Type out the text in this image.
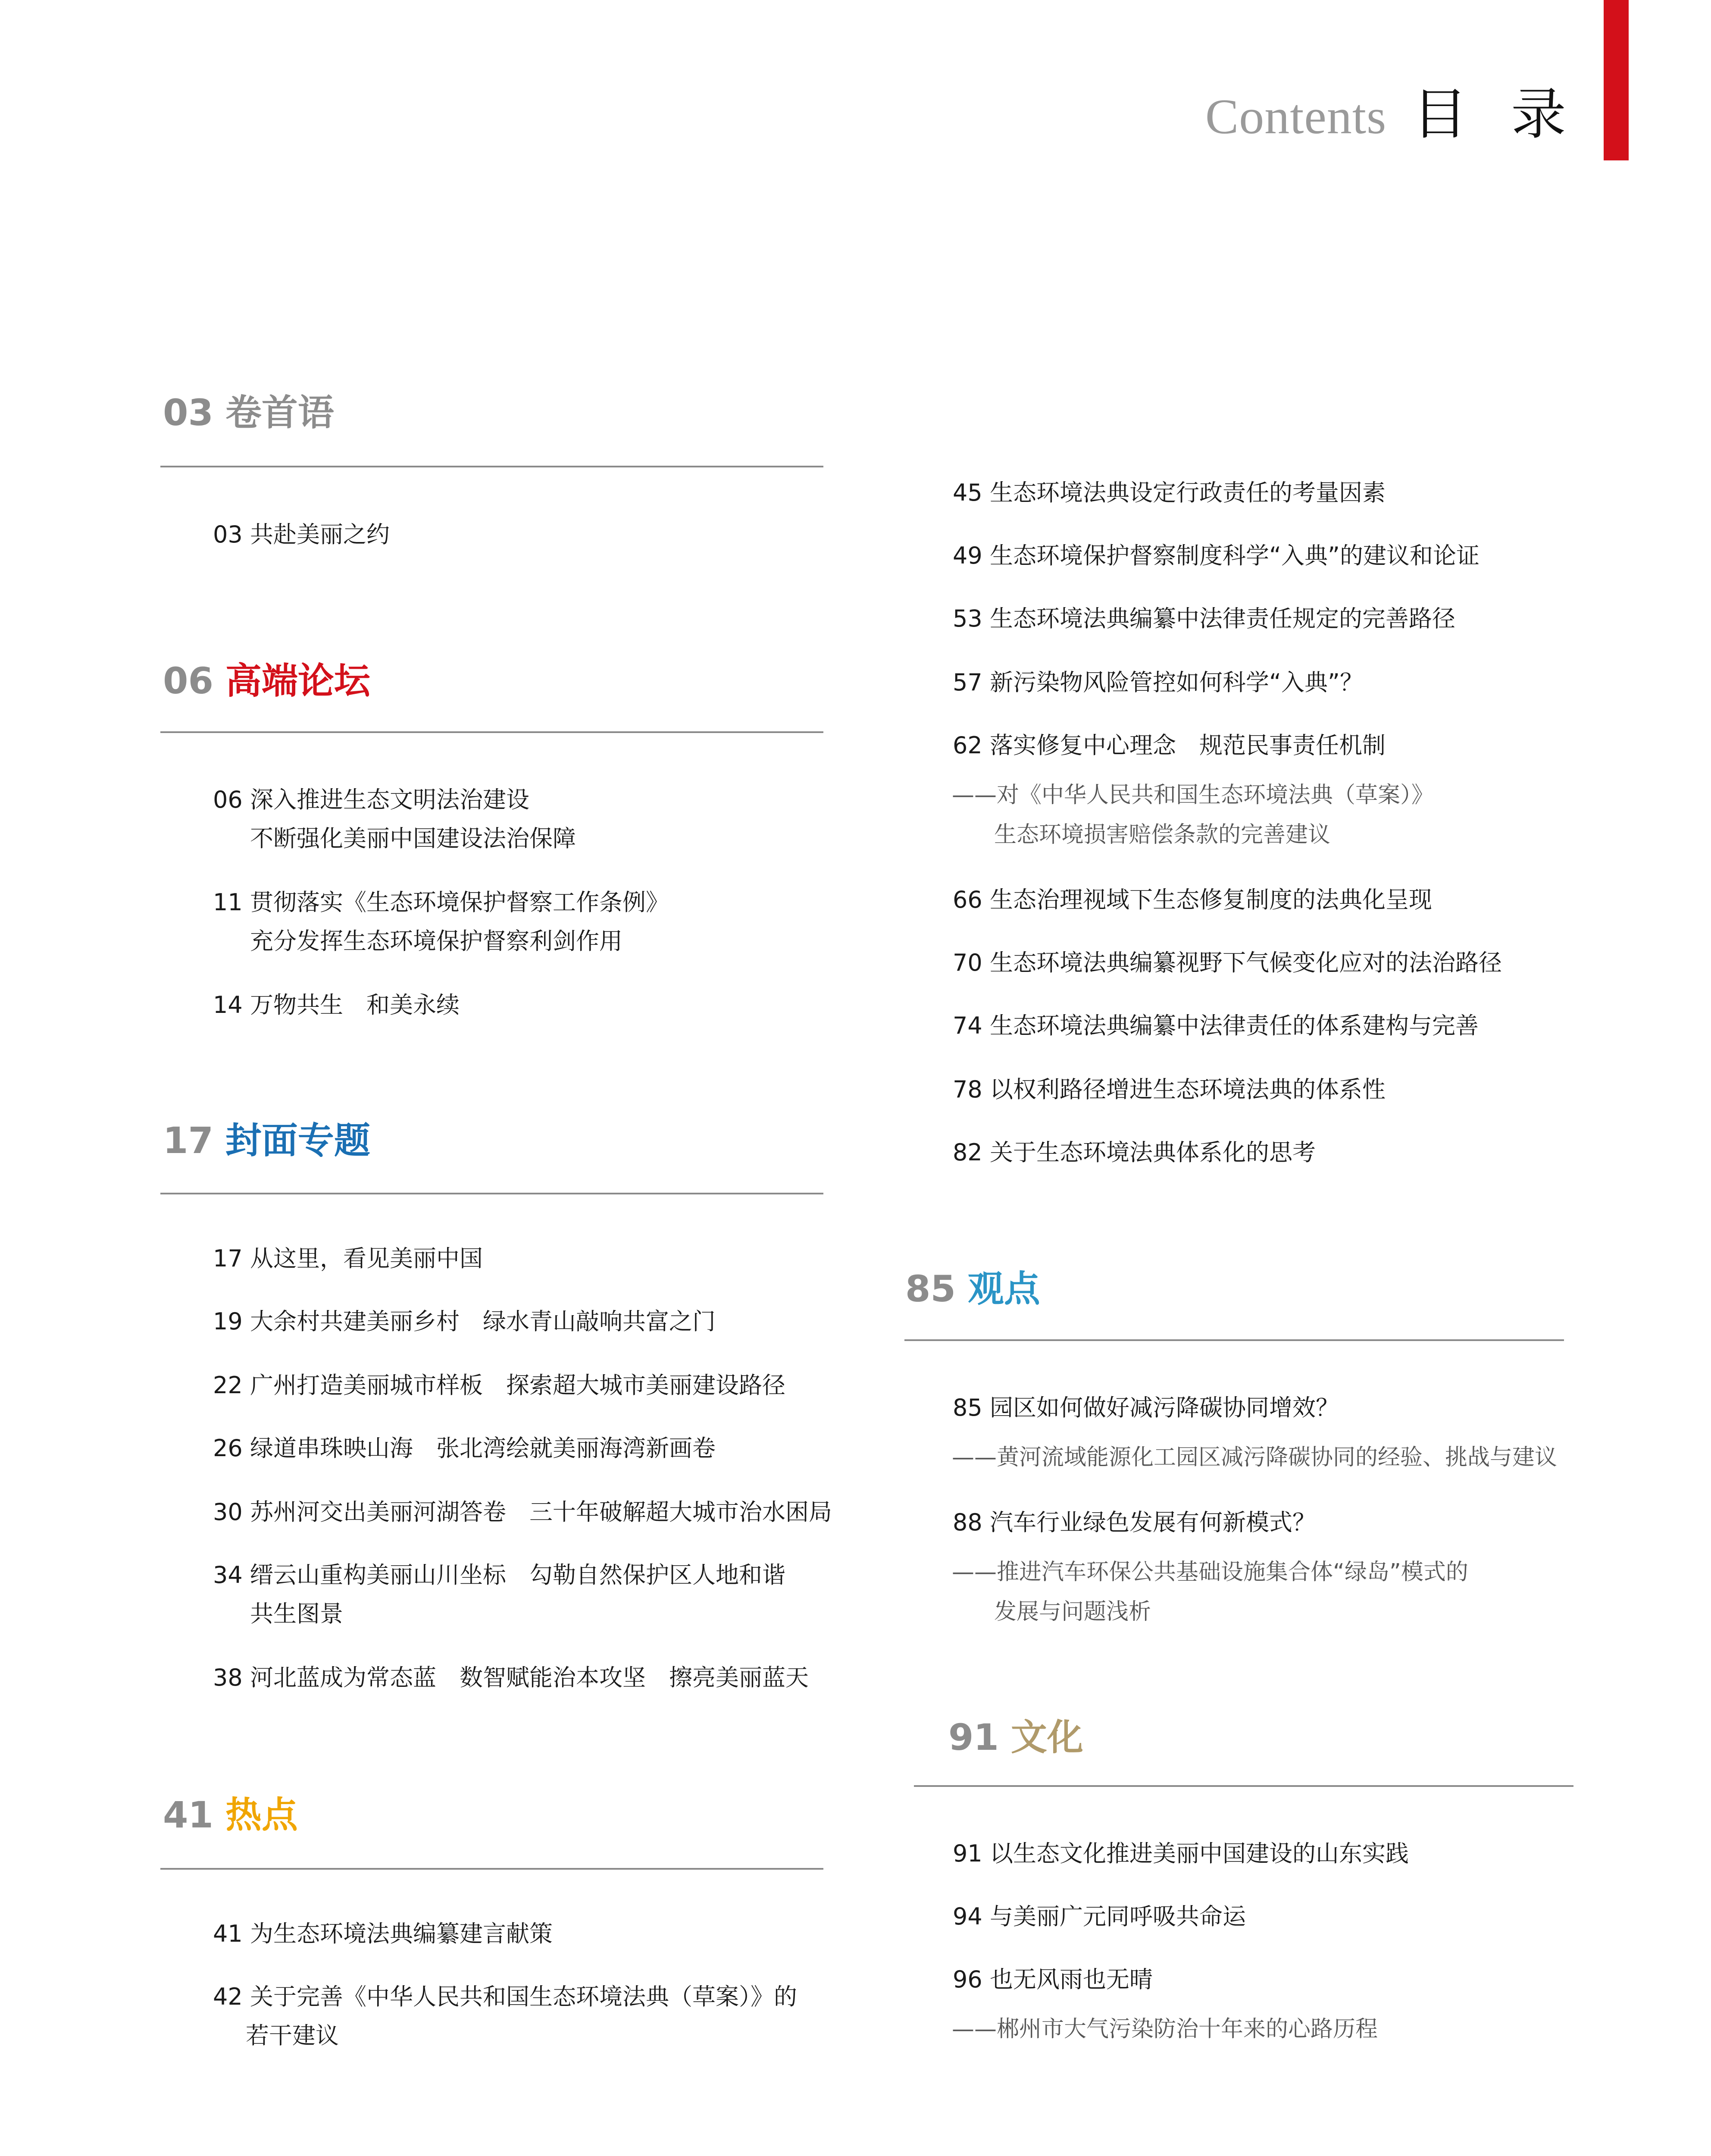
Contents 目 录
03 卷首语
03 共赴美丽之约
06 高端论坛
06 深入推进生态文明法治建设
不断强化美丽中国建设法治保障
11 贯彻落实《生态环境保护督察工作条例》
充分发挥生态环境保护督察利剑作用
14 万物共生　和美永续
17 封面专题
17 从这里，看见美丽中国
19 大余村共建美丽乡村　绿水青山敲响共富之门
22 广州打造美丽城市样板　探索超大城市美丽建设路径
26 绿道串珠映山海　张北湾绘就美丽海湾新画卷
30 苏州河交出美丽河湖答卷　三十年破解超大城市治水困局
34 缙云山重构美丽山川坐标　勾勒自然保护区人地和谐
共生图景
38 河北蓝成为常态蓝　数智赋能治本攻坚　擦亮美丽蓝天
41 热点
41 为生态环境法典编纂建言献策
42 关于完善《中华人民共和国生态环境法典（草案）》的
若干建议
45 生态环境法典设定行政责任的考量因素
49 生态环境保护督察制度科学“入典”的建议和论证
53 生态环境法典编纂中法律责任规定的完善路径
57 新污染物风险管控如何科学“入典”？
62 落实修复中心理念　规范民事责任机制
——对《中华人民共和国生态环境法典（草案）》
生态环境损害赔偿条款的完善建议
66 生态治理视域下生态修复制度的法典化呈现
70 生态环境法典编纂视野下气候变化应对的法治路径
74 生态环境法典编纂中法律责任的体系建构与完善
78 以权利路径增进生态环境法典的体系性
82 关于生态环境法典体系化的思考
85 观点
85 园区如何做好减污降碳协同增效？
——黄河流域能源化工园区减污降碳协同的经验、挑战与建议
88 汽车行业绿色发展有何新模式？
——推进汽车环保公共基础设施集合体“绿岛”模式的
发展与问题浅析
91 文化
91 以生态文化推进美丽中国建设的山东实践
94 与美丽广元同呼吸共命运
96 也无风雨也无晴
——郴州市大气污染防治十年来的心路历程
